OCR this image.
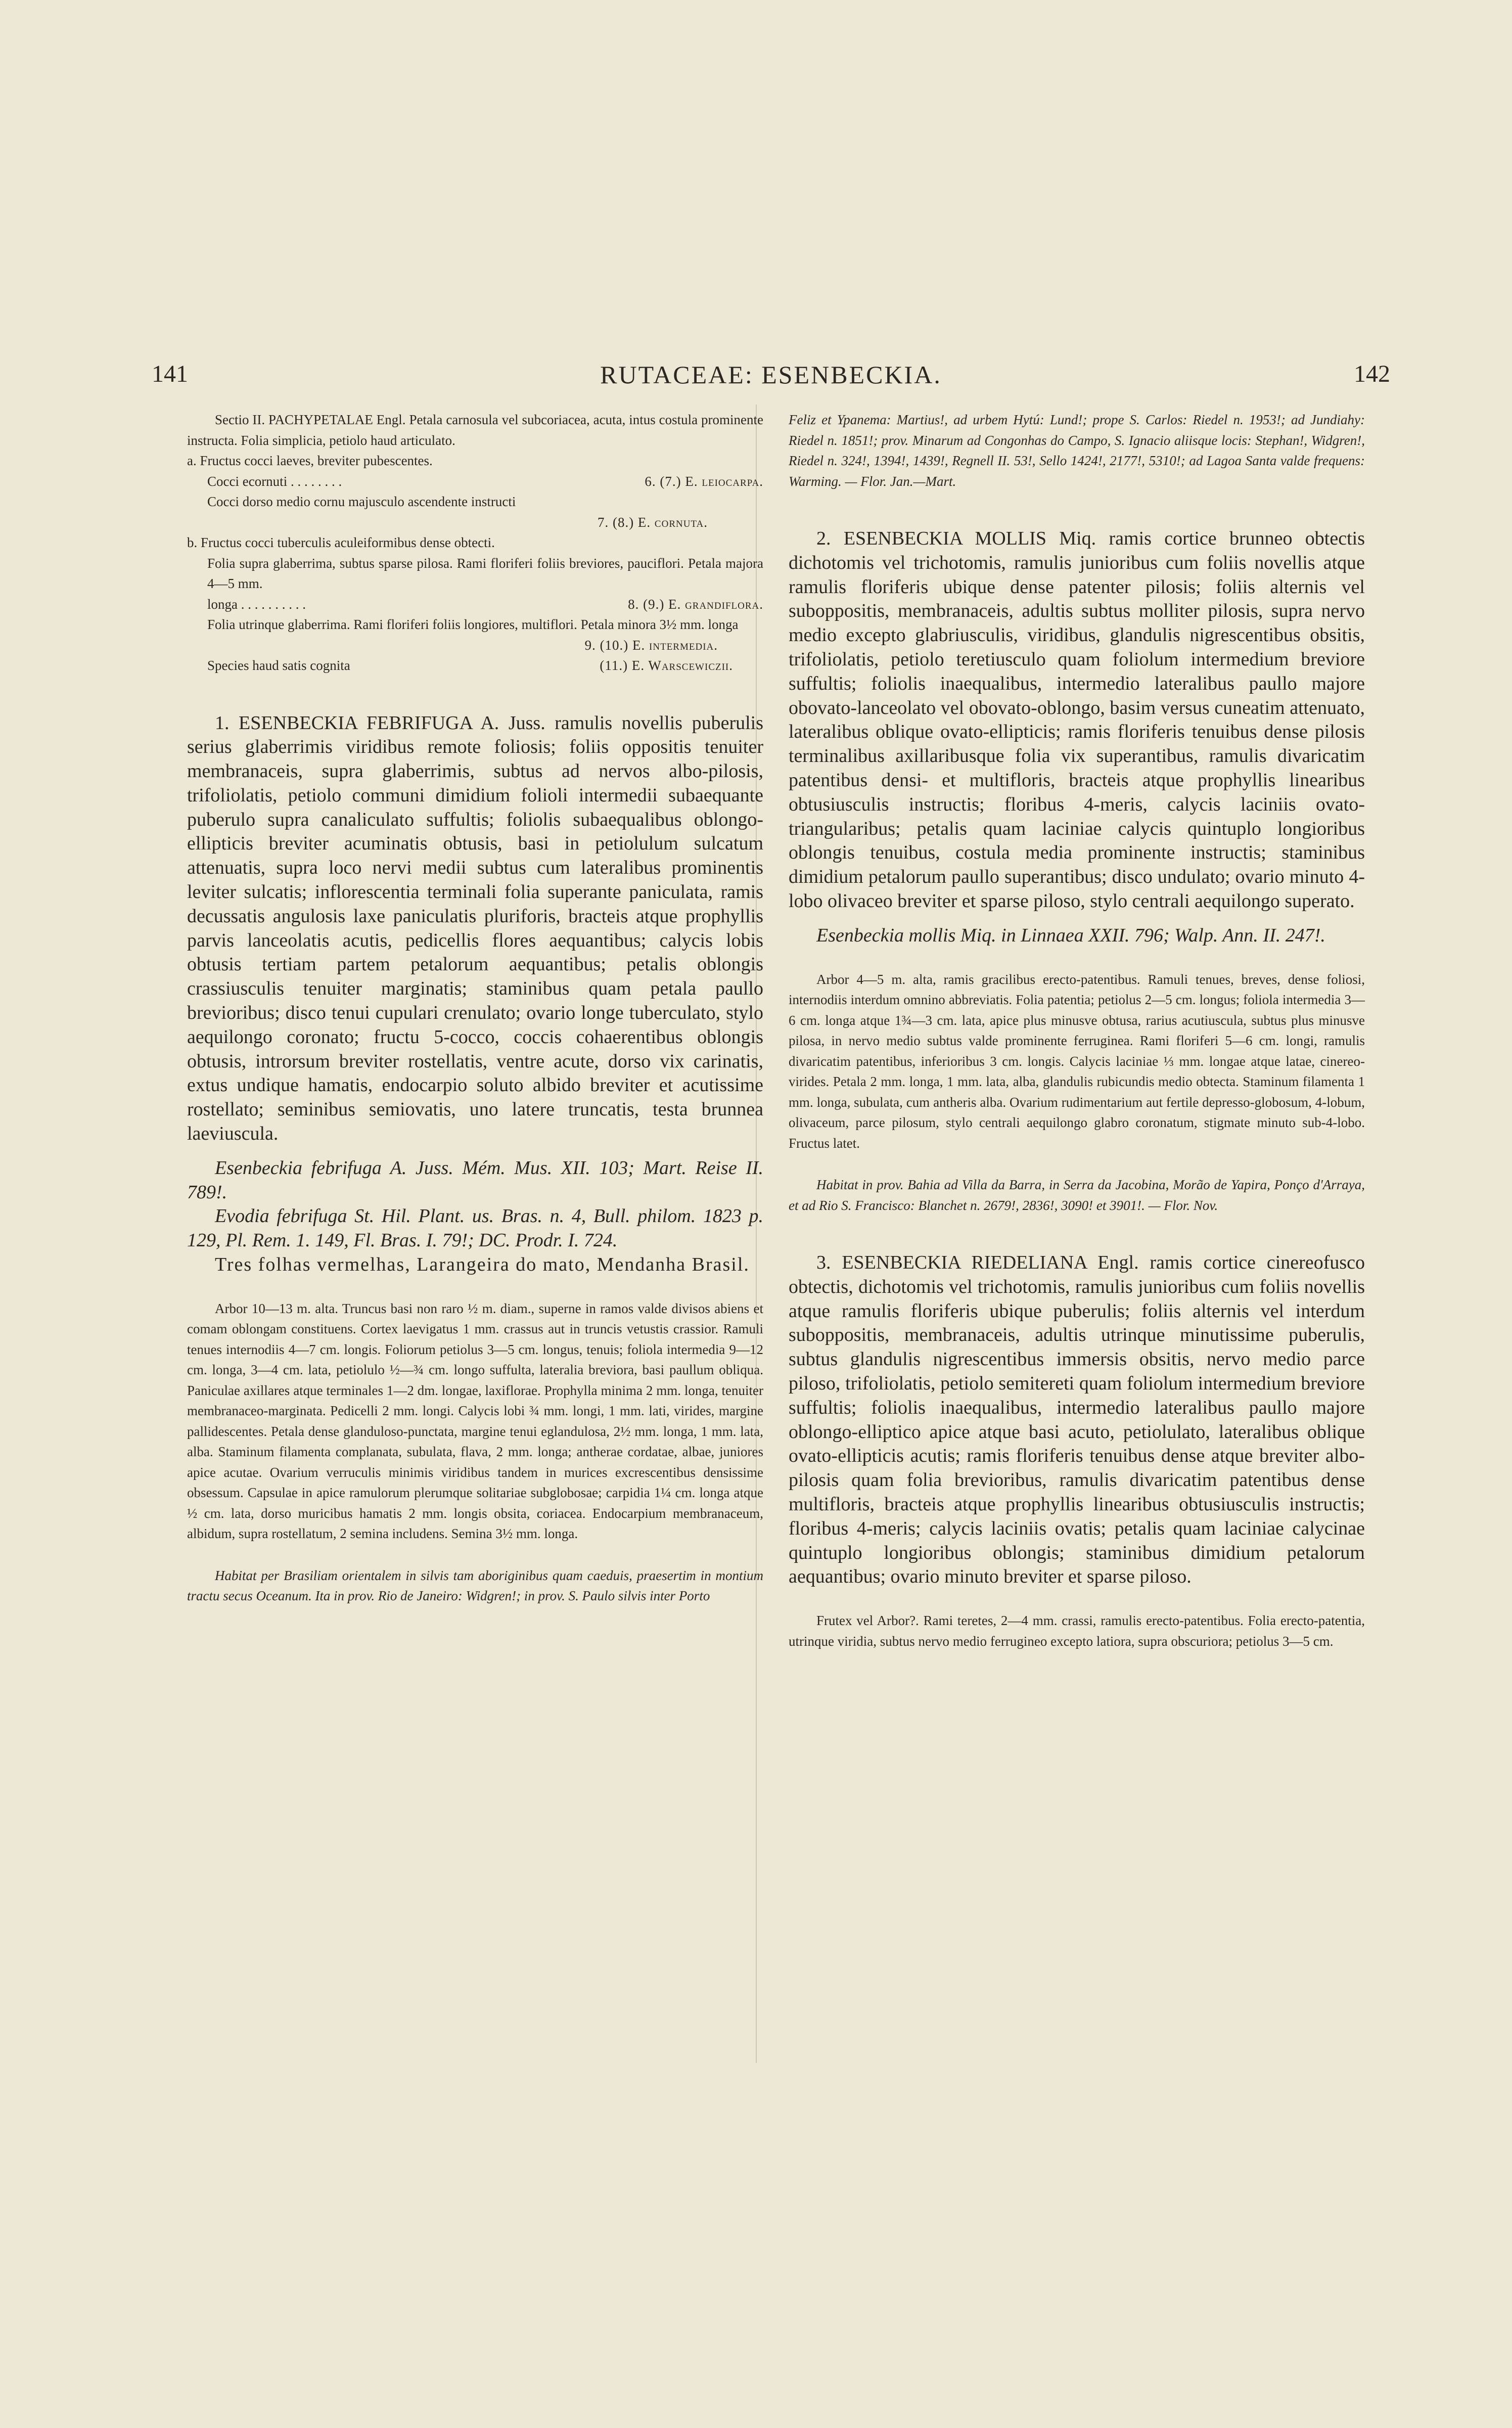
141	RUTACEAE: ESENBECKIA.	142

Sectio II. PACHYPETALAE Engl. Petala carnosula vel subcoriacea, acuta, intus costula prominente instructa. Folia simplicia, petiolo haud articulato.

a. Fructus cocci laeves, breviter pubescentes.

Cocci ecornuti . . . . . . . .	6. (7.) E. leiocarpa.

Cocci dorso medio cornu majusculo ascendente instructi

7. (8.) E. cornuta.

b. Fructus cocci tuberculis aculeiformibus dense obtecti.

Folia supra glaberrima, subtus sparse pilosa. Rami floriferi foliis breviores, pauciflori. Petala majora 4—5 mm.

longa . . . . . . . . . .	8. (9.) E. grandiflora.

Folia utrinque glaberrima. Rami floriferi foliis longiores, multiflori. Petala minora 3½ mm. longa

9. (10.) E. intermedia.

Species haud satis cognita	(11.) E. Warscewiczii.

1. ESENBECKIA FEBRIFUGA A. Juss. ramulis novellis puberulis serius glaberrimis viridibus remote foliosis; foliis oppositis tenuiter membranaceis, supra glaberrimis, subtus ad nervos albo-pilosis, trifoliolatis, petiolo communi dimidium folioli intermedii subaequante puberulo supra canaliculato suffultis; foliolis subaequalibus oblongo-ellipticis breviter acuminatis obtusis, basi in petiolulum sulcatum attenuatis, supra loco nervi medii subtus cum lateralibus prominentis leviter sulcatis; inflorescentia terminali folia superante paniculata, ramis decussatis angulosis laxe paniculatis pluriforis, bracteis atque prophyllis parvis lanceolatis acutis, pedicellis flores aequantibus; calycis lobis obtusis tertiam partem petalorum aequantibus; petalis oblongis crassiusculis tenuiter marginatis; staminibus quam petala paullo brevioribus; disco tenui cupulari crenulato; ovario longe tuberculato, stylo aequilongo coronato; fructu 5-cocco, coccis cohaerentibus oblongis obtusis, introrsum breviter rostellatis, ventre acute, dorso vix carinatis, extus undique hamatis, endocarpio soluto albido breviter et acutissime rostellato; seminibus semiovatis, uno latere truncatis, testa brunnea laeviuscula.

Esenbeckia febrifuga A. Juss. Mém. Mus. XII. 103; Mart. Reise II. 789!.

Evodia febrifuga St. Hil. Plant. us. Bras. n. 4, Bull. philom. 1823 p. 129, Pl. Rem. 1. 149, Fl. Bras. I. 79!; DC. Prodr. I. 724.

Tres folhas vermelhas, Larangeira do mato, Mendanha Brasil.

Arbor 10—13 m. alta. Truncus basi non raro ½ m. diam., superne in ramos valde divisos abiens et comam oblongam constituens. Cortex laevigatus 1 mm. crassus aut in truncis vetustis crassior. Ramuli tenues internodiis 4—7 cm. longis. Foliorum petiolus 3—5 cm. longus, tenuis; foliola intermedia 9—12 cm. longa, 3—4 cm. lata, petiolulo ½—¾ cm. longo suffulta, lateralia breviora, basi paullum obliqua. Paniculae axillares atque terminales 1—2 dm. longae, laxiflorae. Prophylla minima 2 mm. longa, tenuiter membranaceo-marginata. Pedicelli 2 mm. longi. Calycis lobi ¾ mm. longi, 1 mm. lati, virides, margine pallidescentes. Petala dense glanduloso-punctata, margine tenui eglandulosa, 2½ mm. longa, 1 mm. lata, alba. Staminum filamenta complanata, subulata, flava, 2 mm. longa; antherae cordatae, albae, juniores apice acutae. Ovarium verruculis minimis viridibus tandem in murices excrescentibus densissime obsessum. Capsulae in apice ramulorum plerumque solitariae subglobosae; carpidia 1¼ cm. longa atque ½ cm. lata, dorso muricibus hamatis 2 mm. longis obsita, coriacea. Endocarpium membranaceum, albidum, supra rostellatum, 2 semina includens. Semina 3½ mm. longa.

Habitat per Brasiliam orientalem in silvis tam aboriginibus quam caeduis, praesertim in montium tractu secus Oceanum. Ita in prov. Rio de Janeiro: Widgren!; in prov. S. Paulo silvis inter Porto

Feliz et Ypanema: Martius!, ad urbem Hytú: Lund!; prope S. Carlos: Riedel n. 1953!; ad Jundiahy: Riedel n. 1851!; prov. Minarum ad Congonhas do Campo, S. Ignacio aliisque locis: Stephan!, Widgren!, Riedel n. 324!, 1394!, 1439!, Regnell II. 53!, Sello 1424!, 2177!, 5310!; ad Lagoa Santa valde frequens: Warming. — Flor. Jan.—Mart.

2. ESENBECKIA MOLLIS Miq. ramis cortice brunneo obtectis dichotomis vel trichotomis, ramulis junioribus cum foliis novellis atque ramulis floriferis ubique dense patenter pilosis; foliis alternis vel suboppositis, membranaceis, adultis subtus molliter pilosis, supra nervo medio excepto glabriusculis, viridibus, glandulis nigrescentibus obsitis, trifoliolatis, petiolo teretiusculo quam foliolum intermedium breviore suffultis; foliolis inaequalibus, intermedio lateralibus paullo majore obovato-lanceolato vel obovato-oblongo, basim versus cuneatim attenuato, lateralibus oblique ovato-ellipticis; ramis floriferis tenuibus dense pilosis terminalibus axillaribusque folia vix superantibus, ramulis divaricatim patentibus densi- et multifloris, bracteis atque prophyllis linearibus obtusiusculis instructis; floribus 4-meris, calycis laciniis ovato-triangularibus; petalis quam laciniae calycis quintuplo longioribus oblongis tenuibus, costula media prominente instructis; staminibus dimidium petalorum paullo superantibus; disco undulato; ovario minuto 4-lobo olivaceo breviter et sparse piloso, stylo centrali aequilongo superato.

Esenbeckia mollis Miq. in Linnaea XXII. 796; Walp. Ann. II. 247!.

Arbor 4—5 m. alta, ramis gracilibus erecto-patentibus. Ramuli tenues, breves, dense foliosi, internodiis interdum omnino abbreviatis. Folia patentia; petiolus 2—5 cm. longus; foliola intermedia 3—6 cm. longa atque 1¾—3 cm. lata, apice plus minusve obtusa, rarius acutiuscula, subtus plus minusve pilosa, in nervo medio subtus valde prominente ferruginea. Rami floriferi 5—6 cm. longi, ramulis divaricatim patentibus, inferioribus 3 cm. longis. Calycis laciniae ⅓ mm. longae atque latae, cinereo-virides. Petala 2 mm. longa, 1 mm. lata, alba, glandulis rubicundis medio obtecta. Staminum filamenta 1 mm. longa, subulata, cum antheris alba. Ovarium rudimentarium aut fertile depresso-globosum, 4-lobum, olivaceum, parce pilosum, stylo centrali aequilongo glabro coronatum, stigmate minuto sub-4-lobo. Fructus latet.

Habitat in prov. Bahia ad Villa da Barra, in Serra da Jacobina, Morão de Yapira, Ponço d'Arraya, et ad Rio S. Francisco: Blanchet n. 2679!, 2836!, 3090! et 3901!. — Flor. Nov.

3. ESENBECKIA RIEDELIANA Engl. ramis cortice cinereofusco obtectis, dichotomis vel trichotomis, ramulis junioribus cum foliis novellis atque ramulis floriferis ubique puberulis; foliis alternis vel interdum suboppositis, membranaceis, adultis utrinque minutissime puberulis, subtus glandulis nigrescentibus immersis obsitis, nervo medio parce piloso, trifoliolatis, petiolo semitereti quam foliolum intermedium breviore suffultis; foliolis inaequalibus, intermedio lateralibus paullo majore oblongo-elliptico apice atque basi acuto, petiolulato, lateralibus oblique ovato-ellipticis acutis; ramis floriferis tenuibus dense atque breviter albo-pilosis quam folia brevioribus, ramulis divaricatim patentibus dense multifloris, bracteis atque prophyllis linearibus obtusiusculis instructis; floribus 4-meris; calycis laciniis ovatis; petalis quam laciniae calycinae quintuplo longioribus oblongis; staminibus dimidium petalorum aequantibus; ovario minuto breviter et sparse piloso.

Frutex vel Arbor?. Rami teretes, 2—4 mm. crassi, ramulis erecto-patentibus. Folia erecto-patentia, utrinque viridia, subtus nervo medio ferrugineo excepto latiora, supra obscuriora; petiolus 3—5 cm.
